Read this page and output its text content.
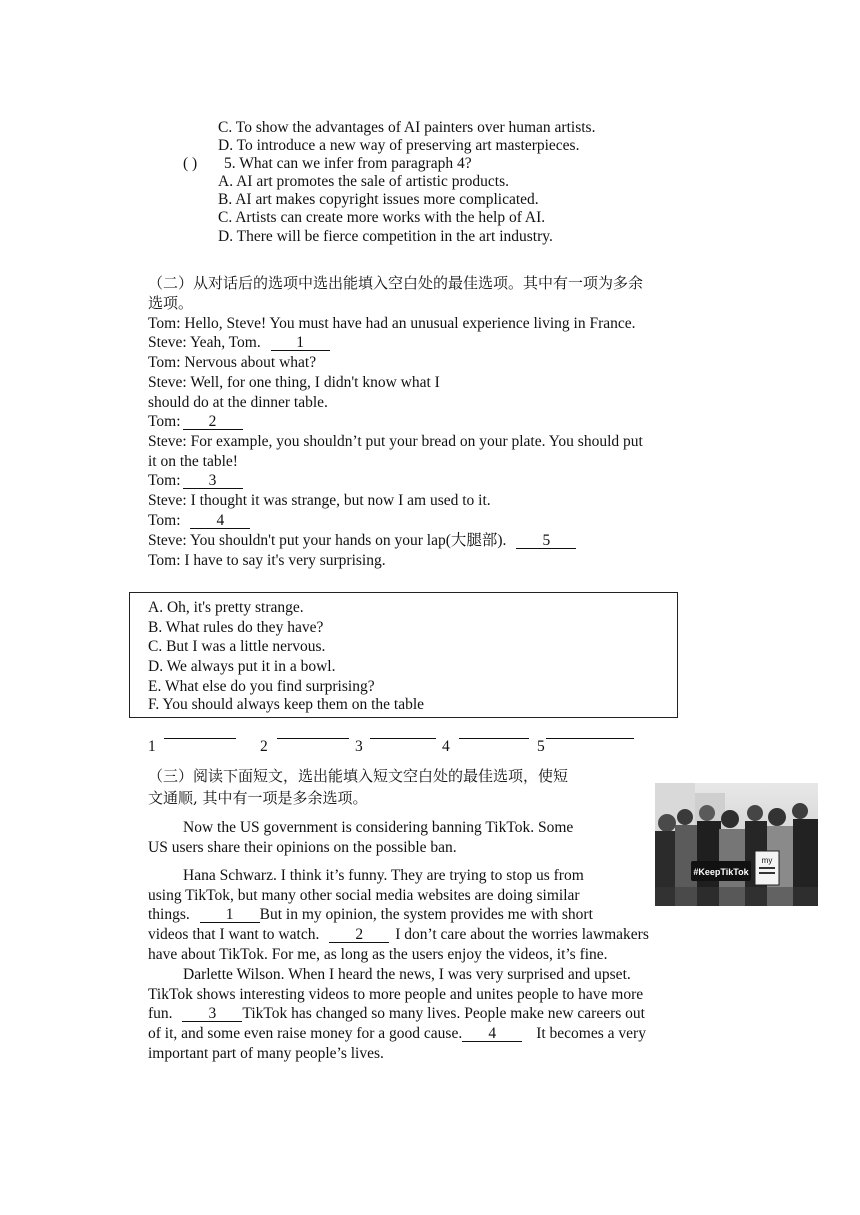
C. To show the advantages of AI painters over human artists.
D. To introduce a new way of preserving art masterpieces.
( ) 5. What can we infer from paragraph 4?
A. AI art promotes the sale of artistic products.
B. AI art makes copyright issues more complicated.
C. Artists can create more works with the help of AI.
D. There will be fierce competition in the art industry.
（二）从对话后的选项中选出能填入空白处的最佳选项。其中有一项为多余
选项。
Tom: Hello, Steve! You must have had an unusual experience living in France.
Steve: Yeah, Tom. 1
Tom: Nervous about what?
Steve: Well, for one thing, I didn't know what I
should do at the dinner table.
Tom: 2
Steve: For example, you shouldn’t put your bread on your plate. You should put
it on the table!
Tom: 3
Steve: I thought it was strange, but now I am used to it.
Tom: 4
Steve: You shouldn't put your hands on your lap(大腿部). 5
Tom: I have to say it's very surprising.
A. Oh, it's pretty strange.
B. What rules do they have?
C. But I was a little nervous.
D. We always put it in a bowl.
E. What else do you find surprising?
F. You should always keep them on the table
1	2	3	4	5
（三）阅读下面短文，选出能填入短文空白处的最佳选项，使短
文通顺, 其中有一项是多余选项。
my
#KeepTikTok
Now the US government is considering banning TikTok. Some
US users share their opinions on the possible ban.
Hana Schwarz. I think it’s funny. They are trying to stop us from
using TikTok, but many other social media websites are doing similar
things. 1 But in my opinion, the system provides me with short
videos that I want to watch. 2 I don’t care about the worries lawmakers
have about TikTok. For me, as long as the users enjoy the videos, it’s fine.
Darlette Wilson. When I heard the news, I was very surprised and upset.
TikTok shows interesting videos to more people and unites people to have more
fun. 3 TikTok has changed so many lives. People make new careers out
of it, and some even raise money for a good cause. 4	It becomes a very
important part of many people’s lives.
